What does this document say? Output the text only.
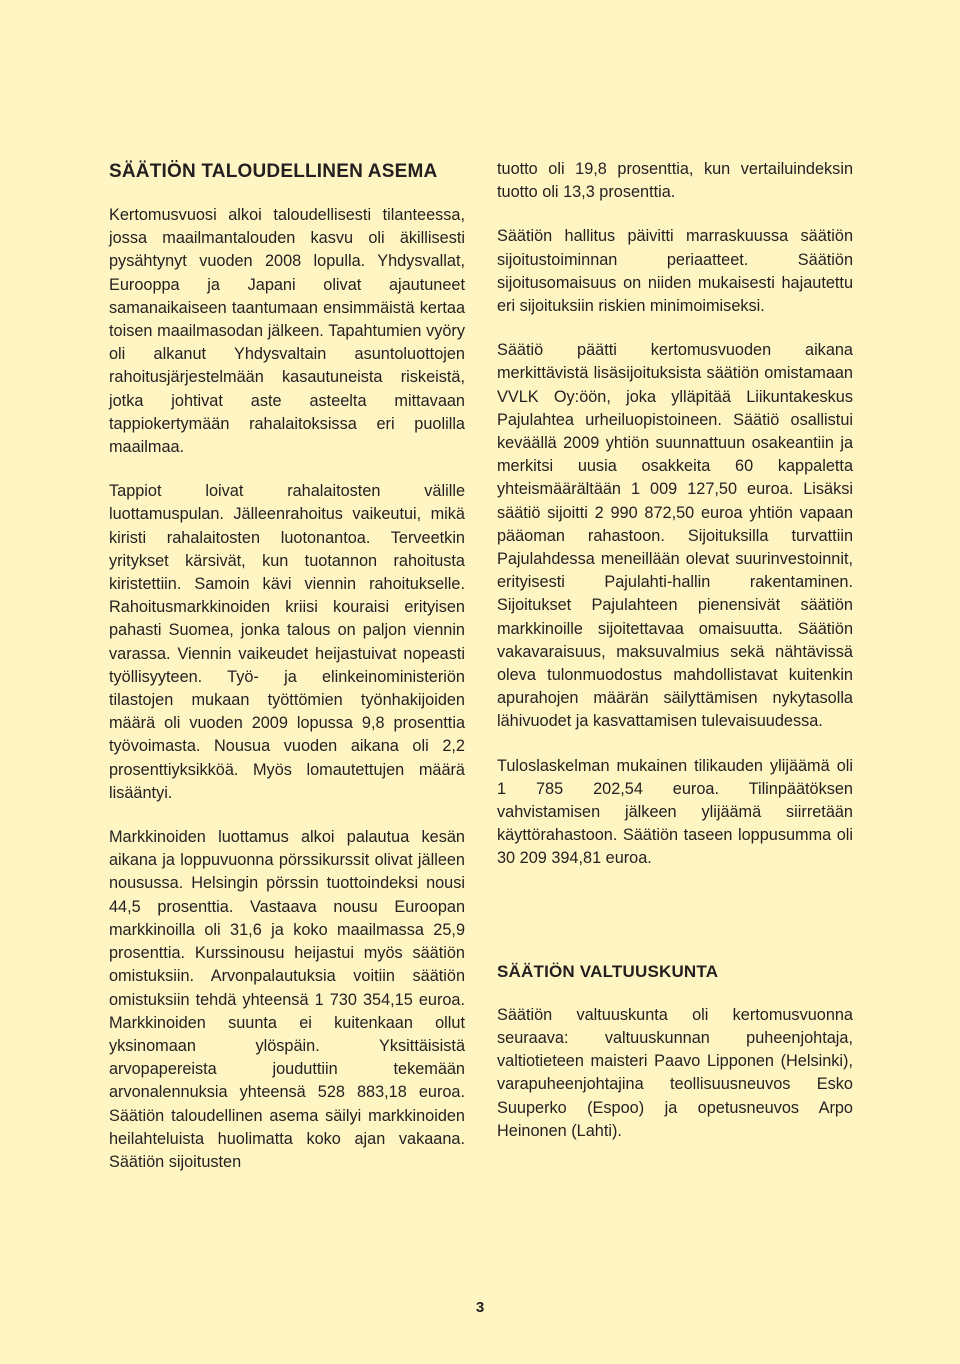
SÄÄTIÖN TALOUDELLINEN ASEMA

Kertomusvuosi alkoi taloudellisesti tilanteessa, jossa maailmantalouden kasvu oli äkillisesti pysähtynyt vuoden 2008 lopulla. Yhdysvallat, Eurooppa ja Japani olivat ajautuneet samanaikaiseen taantumaan ensimmäistä kertaa toisen maailmasodan jälkeen. Tapahtumien vyöry oli alkanut Yhdysvaltain asuntoluottojen rahoitusjärjestelmään kasautuneista riskeistä, jotka johtivat aste asteelta mittavaan tappiokertymään rahalaitoksissa eri puolilla maailmaa.

Tappiot loivat rahalaitosten välille luottamuspulan. Jälleenrahoitus vaikeutui, mikä kiristi rahalaitosten luotonantoa. Terveetkin yritykset kärsivät, kun tuotannon rahoitusta kiristettiin. Samoin kävi viennin rahoitukselle. Rahoitusmarkkinoiden kriisi kouraisi erityisen pahasti Suomea, jonka talous on paljon viennin varassa. Viennin vaikeudet heijastuivat nopeasti työllisyyteen. Työ- ja elinkeinoministeriön tilastojen mukaan työttömien työnhakijoiden määrä oli vuoden 2009 lopussa 9,8 prosenttia työvoimasta. Nousua vuoden aikana oli 2,2 prosenttiyksikköä. Myös lomautettujen määrä lisääntyi.

Markkinoiden luottamus alkoi palautua kesän aikana ja loppuvuonna pörssikurssit olivat jälleen nousussa. Helsingin pörssin tuottoindeksi nousi 44,5 prosenttia. Vastaava nousu Euroopan markkinoilla oli 31,6 ja koko maailmassa 25,9 prosenttia. Kurssinousu heijastui myös säätiön omistuksiin. Arvonpalautuksia voitiin säätiön omistuksiin tehdä yhteensä 1 730 354,15 euroa. Markkinoiden suunta ei kuitenkaan ollut yksinomaan ylöspäin. Yksittäisistä arvopapereista jouduttiin tekemään arvonalennuksia yhteensä 528 883,18 euroa. Säätiön taloudellinen asema säilyi markkinoiden heilahteluista huolimatta koko ajan vakaana. Säätiön sijoitusten

tuotto oli 19,8 prosenttia, kun vertailuindeksin tuotto oli 13,3 prosenttia.

Säätiön hallitus päivitti marraskuussa säätiön sijoitustoiminnan periaatteet. Säätiön sijoitusomaisuus on niiden mukaisesti hajautettu eri sijoituksiin riskien minimoimiseksi.

Säätiö päätti kertomusvuoden aikana merkittävistä lisäsijoituksista säätiön omistamaan VVLK Oy:öön, joka ylläpitää Liikuntakeskus Pajulahtea urheiluopistoineen. Säätiö osallistui keväällä 2009 yhtiön suunnattuun osakeantiin ja merkitsi uusia osakkeita 60 kappaletta yhteismäärältään 1 009 127,50 euroa. Lisäksi säätiö sijoitti 2 990 872,50 euroa yhtiön vapaan pääoman rahastoon. Sijoituksilla turvattiin Pajulahdessa meneillään olevat suurinvestoinnit, erityisesti Pajulahti-hallin rakentaminen. Sijoitukset Pajulahteen pienensivät säätiön markkinoille sijoitettavaa omaisuutta. Säätiön vakavaraisuus, maksuvalmius sekä nähtävissä oleva tulonmuodostus mahdollistavat kuitenkin apurahojen määrän säilyttämisen nykytasolla lähivuodet ja kasvattamisen tulevaisuudessa.

Tuloslaskelman mukainen tilikauden ylijäämä oli 1 785 202,54 euroa. Tilinpäätöksen vahvistamisen jälkeen ylijäämä siirretään käyttörahastoon. Säätiön taseen loppusumma oli 30 209 394,81 euroa.

SÄÄTIÖN VALTUUSKUNTA

Säätiön valtuuskunta oli kertomusvuonna seuraava: valtuuskunnan puheenjohtaja, valtiotieteen maisteri Paavo Lipponen (Helsinki), varapuheenjohtajina teollisuusneuvos Esko Suuperko (Espoo) ja opetusneuvos Arpo Heinonen (Lahti).

3
